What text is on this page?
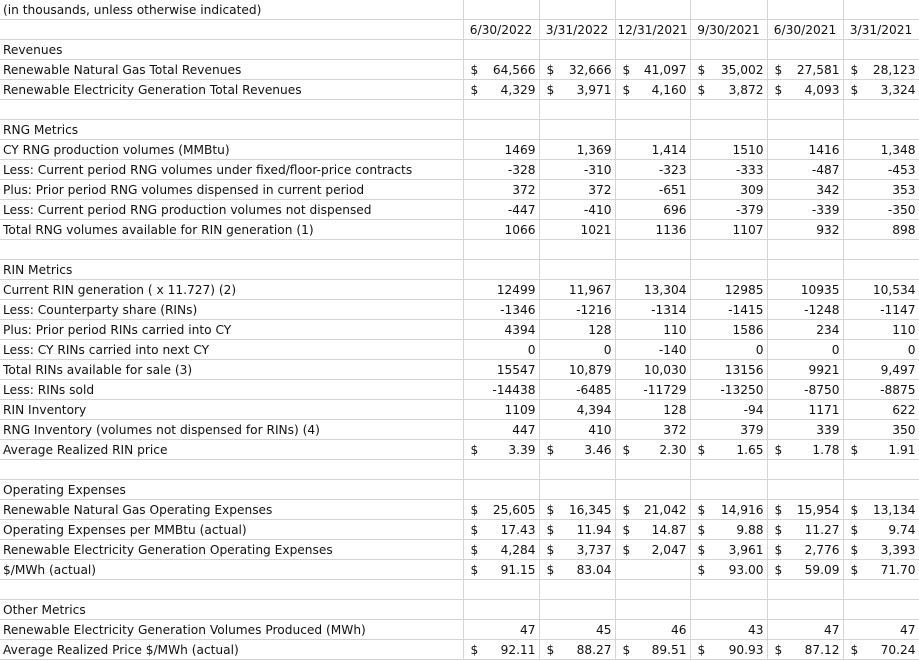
(in thousands, unless otherwise indicated)						
	6/30/2022	3/31/2022	12/31/2021	9/30/2021	6/30/2021	3/31/2021
Revenues						
Renewable Natural Gas Total Revenues	$ 64,566	$ 32,666	$ 41,097	$ 35,002	$ 27,581	$ 28,123

Renewable Electricity Generation Total Revenues	$ 4,329	$ 3,971	$ 4,160	$ 3,872	$ 4,093	$ 3,324

RNG Metrics						
CY RNG production volumes (MMBtu)	1469	1,369	1,414	1510	1416	1,348

Less: Current period RNG volumes under fixed/floor-price contracts	-328	-310	-323	-333	-487	-453

Plus: Prior period RNG volumes dispensed in current period	372	372	-651	309	342	353

Less: Current period RNG production volumes not dispensed	-447	-410	696	-379	-339	-350

Total RNG volumes available for RIN generation (1)	1066	1021	1136	1107	932	898

RIN Metrics						
Current RIN generation ( x 11.727) (2)	12499	11,967	13,304	12985	10935	10,534

Less: Counterparty share (RINs)	-1346	-1216	-1314	-1415	-1248	-1147

Plus: Prior period RINs carried into CY	4394	128	110	1586	234	110

Less: CY RINs carried into next CY	0	0	-140	0	0	0

Total RINs available for sale (3)	15547	10,879	10,030	13156	9921	9,497

Less: RINs sold	-14438	-6485	-11729	-13250	-8750	-8875

RIN Inventory	1109	4,394	128	-94	1171	622

RNG Inventory (volumes not dispensed for RINs) (4)	447	410	372	379	339	350

Average Realized RIN price	$ 3.39	$ 3.46	$ 2.30	$ 1.65	$ 1.78	$ 1.91

Operating Expenses						
Renewable Natural Gas Operating Expenses	$ 25,605	$ 16,345	$ 21,042	$ 14,916	$ 15,954	$ 13,134

Operating Expenses per MMBtu (actual)	$ 17.43	$ 11.94	$ 14.87	$ 9.88	$ 11.27	$ 9.74

Renewable Electricity Generation Operating Expenses	$ 4,284	$ 3,737	$ 2,047	$ 3,961	$ 2,776	$ 3,393

$/MWh (actual)	$ 91.15	$ 83.04		$ 93.00	$ 59.09	$ 71.70

Other Metrics						
Renewable Electricity Generation Volumes Produced (MWh)	47	45	46	43	47	47

Average Realized Price $/MWh (actual)	$ 92.11	$ 88.27	$ 89.51	$ 90.93	$ 87.12	$ 70.24
